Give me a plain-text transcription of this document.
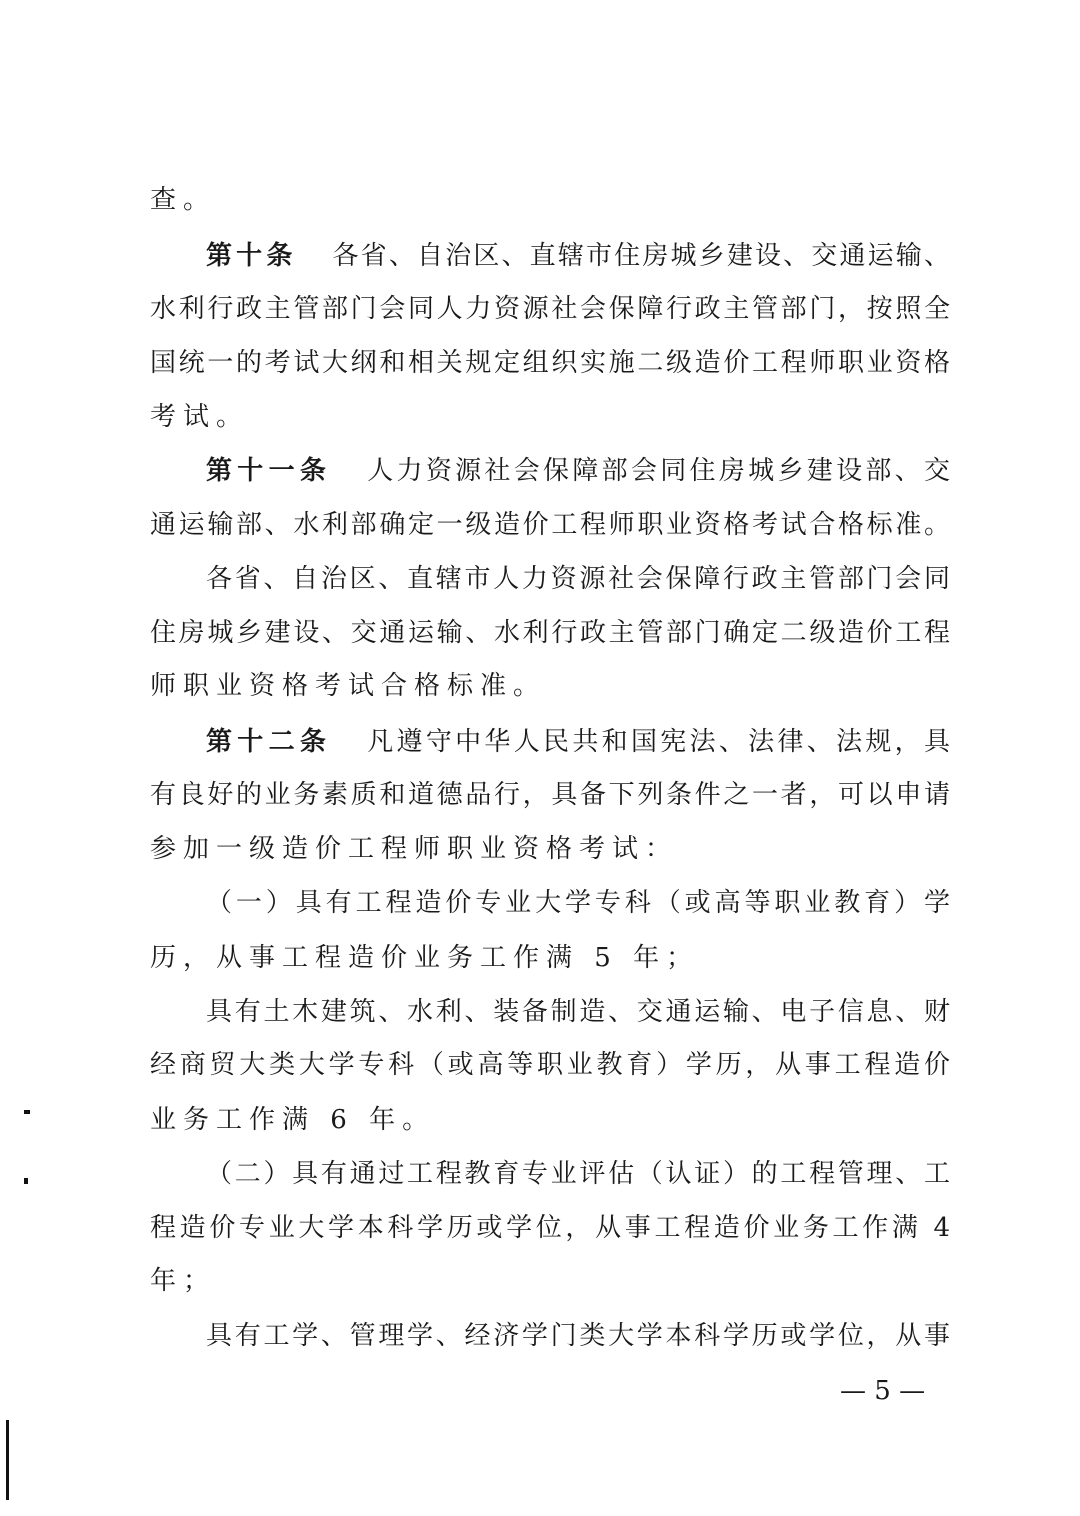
查。
第十条 各省、自治区、直辖市住房城乡建设、交通运输、
水利行政主管部门会同人力资源社会保障行政主管部门，按照全
国统一的考试大纲和相关规定组织实施二级造价工程师职业资格
考试。
第十一条 人力资源社会保障部会同住房城乡建设部、交
通运输部、水利部确定一级造价工程师职业资格考试合格标准。
各省、自治区、直辖市人力资源社会保障行政主管部门会同
住房城乡建设、交通运输、水利行政主管部门确定二级造价工程
师职业资格考试合格标准。
第十二条 凡遵守中华人民共和国宪法、法律、法规，具
有良好的业务素质和道德品行，具备下列条件之一者，可以申请
参加一级造价工程师职业资格考试：
（一）具有工程造价专业大学专科（或高等职业教育）学
历，从事工程造价业务工作满 5 年；
具有土木建筑、水利、装备制造、交通运输、电子信息、财
经商贸大类大学专科（或高等职业教育）学历，从事工程造价
业务工作满 6 年。
（二）具有通过工程教育专业评估（认证）的工程管理、工
程造价专业大学本科学历或学位，从事工程造价业务工作满 4
年；
具有工学、管理学、经济学门类大学本科学历或学位，从事
— 5 —
